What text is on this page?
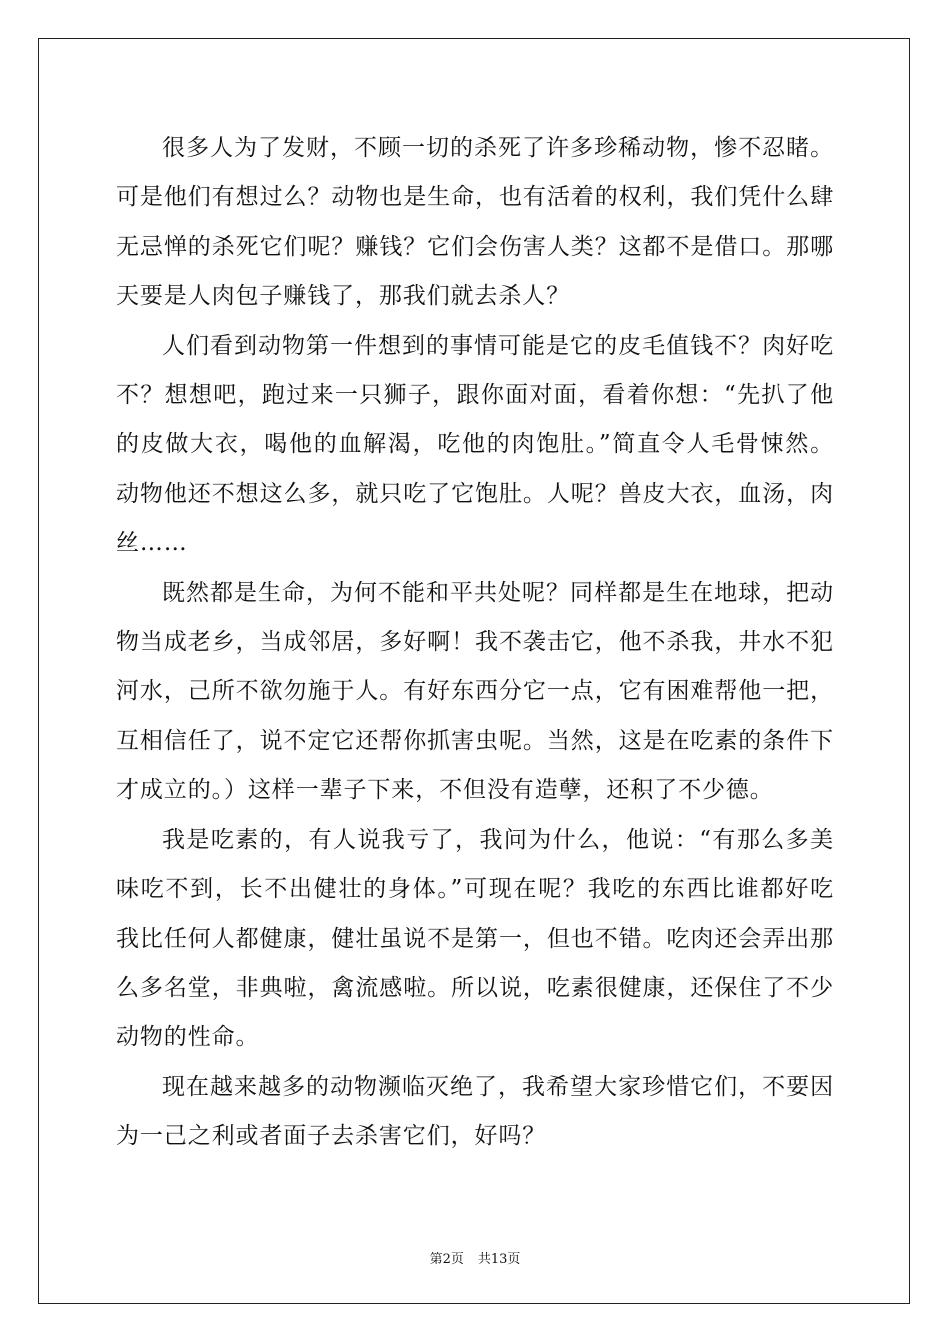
很多人为了发财，不顾一切的杀死了许多珍稀动物，惨不忍睹。可是他们有想过么？动物也是生命，也有活着的权利，我们凭什么肆无忌惮的杀死它们呢？赚钱？它们会伤害人类？这都不是借口。那哪天要是人肉包子赚钱了，那我们就去杀人？

人们看到动物第一件想到的事情可能是它的皮毛值钱不？肉好吃不？想想吧，跑过来一只狮子，跟你面对面，看着你想：“先扒了他的皮做大衣，喝他的血解渴，吃他的肉饱肚。”简直令人毛骨悚然。动物他还不想这么多，就只吃了它饱肚。人呢？兽皮大衣，血汤，肉丝……

既然都是生命，为何不能和平共处呢？同样都是生在地球，把动物当成老乡，当成邻居，多好啊！我不袭击它，他不杀我，井水不犯河水，己所不欲勿施于人。有好东西分它一点，它有困难帮他一把，互相信任了，说不定它还帮你抓害虫呢。当然，这是在吃素的条件下才成立的。）这样一辈子下来，不但没有造孽，还积了不少德。

我是吃素的，有人说我亏了，我问为什么，他说：“有那么多美味吃不到，长不出健壮的身体。”可现在呢？我吃的东西比谁都好吃我比任何人都健康，健壮虽说不是第一，但也不错。吃肉还会弄出那么多名堂，非典啦，禽流感啦。所以说，吃素很健康，还保住了不少动物的性命。

现在越来越多的动物濒临灭绝了，我希望大家珍惜它们，不要因为一己之利或者面子去杀害它们，好吗？

第2页 共13页
